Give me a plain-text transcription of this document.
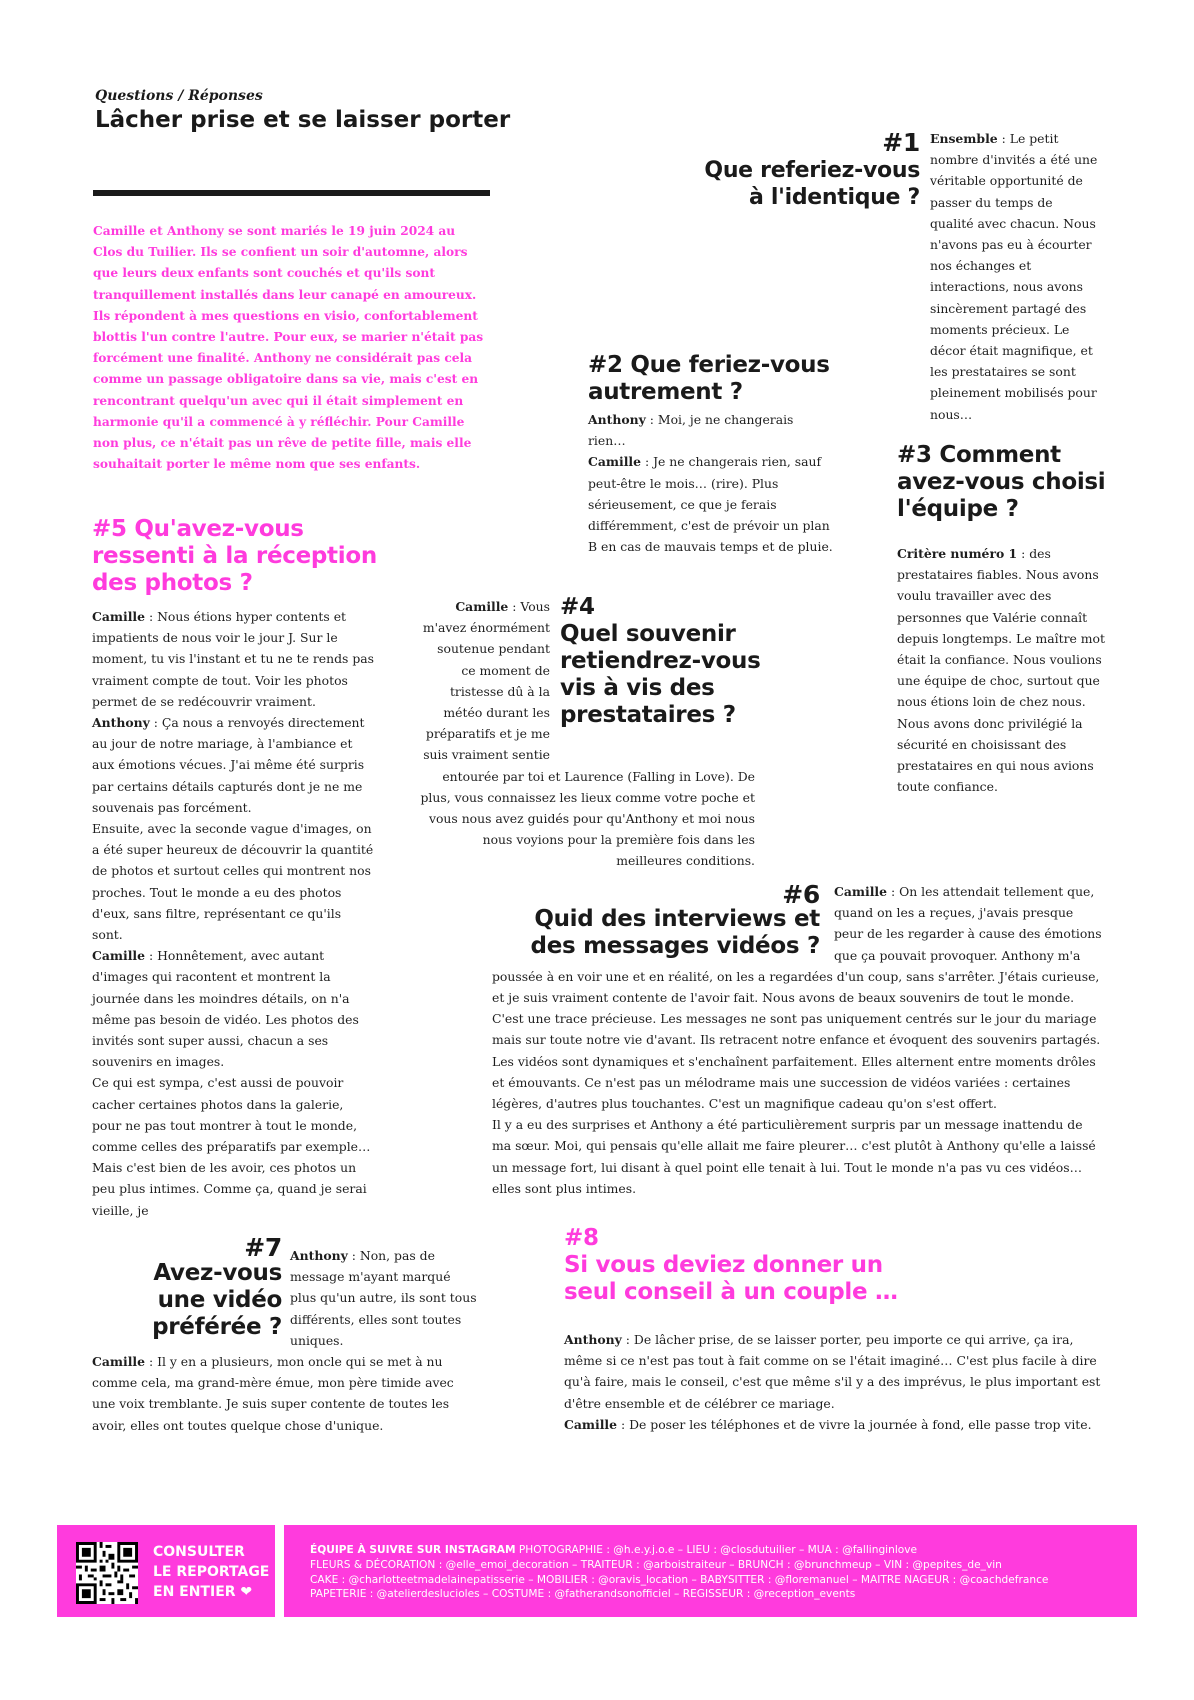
Questions / Réponses
Lâcher prise et se laisser porter
Camille et Anthony se sont mariés le 19 juin 2024 au Clos du Tuilier. Ils se confient un soir d'automne, alors que leurs deux enfants sont couchés et qu'ils sont tranquillement installés dans leur canapé en amoureux. Ils répondent à mes questions en visio, confortablement blottis l'un contre l'autre. Pour eux, se marier n'était pas forcément une finalité. Anthony ne considérait pas cela comme un passage obligatoire dans sa vie, mais c'est en rencontrant quelqu'un avec qui il était simplement en harmonie qu'il a commencé à y réfléchir. Pour Camille non plus, ce n'était pas un rêve de petite fille, mais elle souhaitait porter le même nom que ses enfants.
#1
Que referiez-vous à l'identique ?
Ensemble : Le petit nombre d'invités a été une véritable opportunité de passer du temps de qualité avec chacun. Nous n'avons pas eu à écourter nos échanges et interactions, nous avons sincèrement partagé des moments précieux. Le décor était magnifique, et les prestataires se sont pleinement mobilisés pour nous…
#2 Que feriez-vous autrement ?
Anthony : Moi, je ne changerais rien…
Camille : Je ne changerais rien, sauf peut-être le mois… (rire). Plus sérieusement, ce que je ferais différemment, c'est de prévoir un plan B en cas de mauvais temps et de pluie.
#3 Comment avez-vous choisi l'équipe ?
Critère numéro 1 : des prestataires fiables. Nous avons voulu travailler avec des personnes que Valérie connaît depuis longtemps. Le maître mot était la confiance. Nous voulions une équipe de choc, surtout que nous étions loin de chez nous. Nous avons donc privilégié la sécurité en choisissant des prestataires en qui nous avions toute confiance.
#5 Qu'avez-vous ressenti à la réception des photos ?
Camille : Nous étions hyper contents et impatients de nous voir le jour J. Sur le moment, tu vis l'instant et tu ne te rends pas vraiment compte de tout. Voir les photos permet de se redécouvrir vraiment.
Anthony : Ça nous a renvoyés directement au jour de notre mariage, à l'ambiance et aux émotions vécues. J'ai même été surpris par certains détails capturés dont je ne me souvenais pas forcément.
Ensuite, avec la seconde vague d'images, on a été super heureux de découvrir la quantité de photos et surtout celles qui montrent nos proches. Tout le monde a eu des photos d'eux, sans filtre, représentant ce qu'ils sont.
Camille : Honnêtement, avec autant d'images qui racontent et montrent la journée dans les moindres détails, on n'a même pas besoin de vidéo. Les photos des invités sont super aussi, chacun a ses souvenirs en images.
Ce qui est sympa, c'est aussi de pouvoir cacher certaines photos dans la galerie, pour ne pas tout montrer à tout le monde, comme celles des préparatifs par exemple… Mais c'est bien de les avoir, ces photos un peu plus intimes. Comme ça, quand je serai vieille, je
#4
Quel souvenir retiendrez-vous vis à vis des prestataires ?
Camille : Vous m'avez énormément soutenue pendant ce moment de tristesse dû à la météo durant les préparatifs et je me suis vraiment sentie entourée par toi et Laurence (Falling in Love). De plus, vous connaissez les lieux comme votre poche et vous nous avez guidés pour qu'Anthony et moi nous nous voyions pour la première fois dans les meilleures conditions.
#6
Quid des interviews et des messages vidéos ?
Camille : On les attendait tellement que, quand on les a reçues, j'avais presque peur de les regarder à cause des émotions que ça pouvait provoquer. Anthony m'a poussée à en voir une et en réalité, on les a regardées d'un coup, sans s'arrêter. J'étais curieuse, et je suis vraiment contente de l'avoir fait. Nous avons de beaux souvenirs de tout le monde. C'est une trace précieuse. Les messages ne sont pas uniquement centrés sur le jour du mariage mais sur toute notre vie d'avant. Ils retracent notre enfance et évoquent des souvenirs partagés. Les vidéos sont dynamiques et s'enchaînent parfaitement. Elles alternent entre moments drôles et émouvants. Ce n'est pas un mélodrame mais une succession de vidéos variées : certaines légères, d'autres plus touchantes. C'est un magnifique cadeau qu'on s'est offert.
Il y a eu des surprises et Anthony a été particulièrement surpris par un message inattendu de ma sœur. Moi, qui pensais qu'elle allait me faire pleurer… c'est plutôt à Anthony qu'elle a laissé un message fort, lui disant à quel point elle tenait à lui. Tout le monde n'a pas vu ces vidéos… elles sont plus intimes.
#7
Avez-vous une vidéo préférée ?
Anthony : Non, pas de message m'ayant marqué plus qu'un autre, ils sont tous différents, elles sont toutes uniques.
Camille : Il y en a plusieurs, mon oncle qui se met à nu comme cela, ma grand-mère émue, mon père timide avec une voix tremblante. Je suis super contente de toutes les avoir, elles ont toutes quelque chose d'unique.
#8
Si vous deviez donner un seul conseil à un couple …
Anthony : De lâcher prise, de se laisser porter, peu importe ce qui arrive, ça ira, même si ce n'est pas tout à fait comme on se l'était imaginé… C'est plus facile à dire qu'à faire, mais le conseil, c'est que même s'il y a des imprévus, le plus important est d'être ensemble et de célébrer ce mariage.
Camille : De poser les téléphones et de vivre la journée à fond, elle passe trop vite.
CONSULTER
LE REPORTAGE
EN ENTIER ❤
ÉQUIPE À SUIVRE SUR INSTAGRAM PHOTOGRAPHIE : @h.e.y.j.o.e – LIEU : @closdutuilier – MUA : @fallinginlove
FLEURS & DÉCORATION : @elle_emoi_decoration – TRAITEUR : @arboistraiteur – BRUNCH : @brunchmeup – VIN : @pepites_de_vin
CAKE : @charlotteetmadelainepatisserie – MOBILIER : @oravis_location – BABYSITTER : @floremanuel – MAITRE NAGEUR : @coachdefrance
PAPETERIE : @atelierdeslucioles – COSTUME : @fatherandsonofficiel – REGISSEUR : @reception_events
